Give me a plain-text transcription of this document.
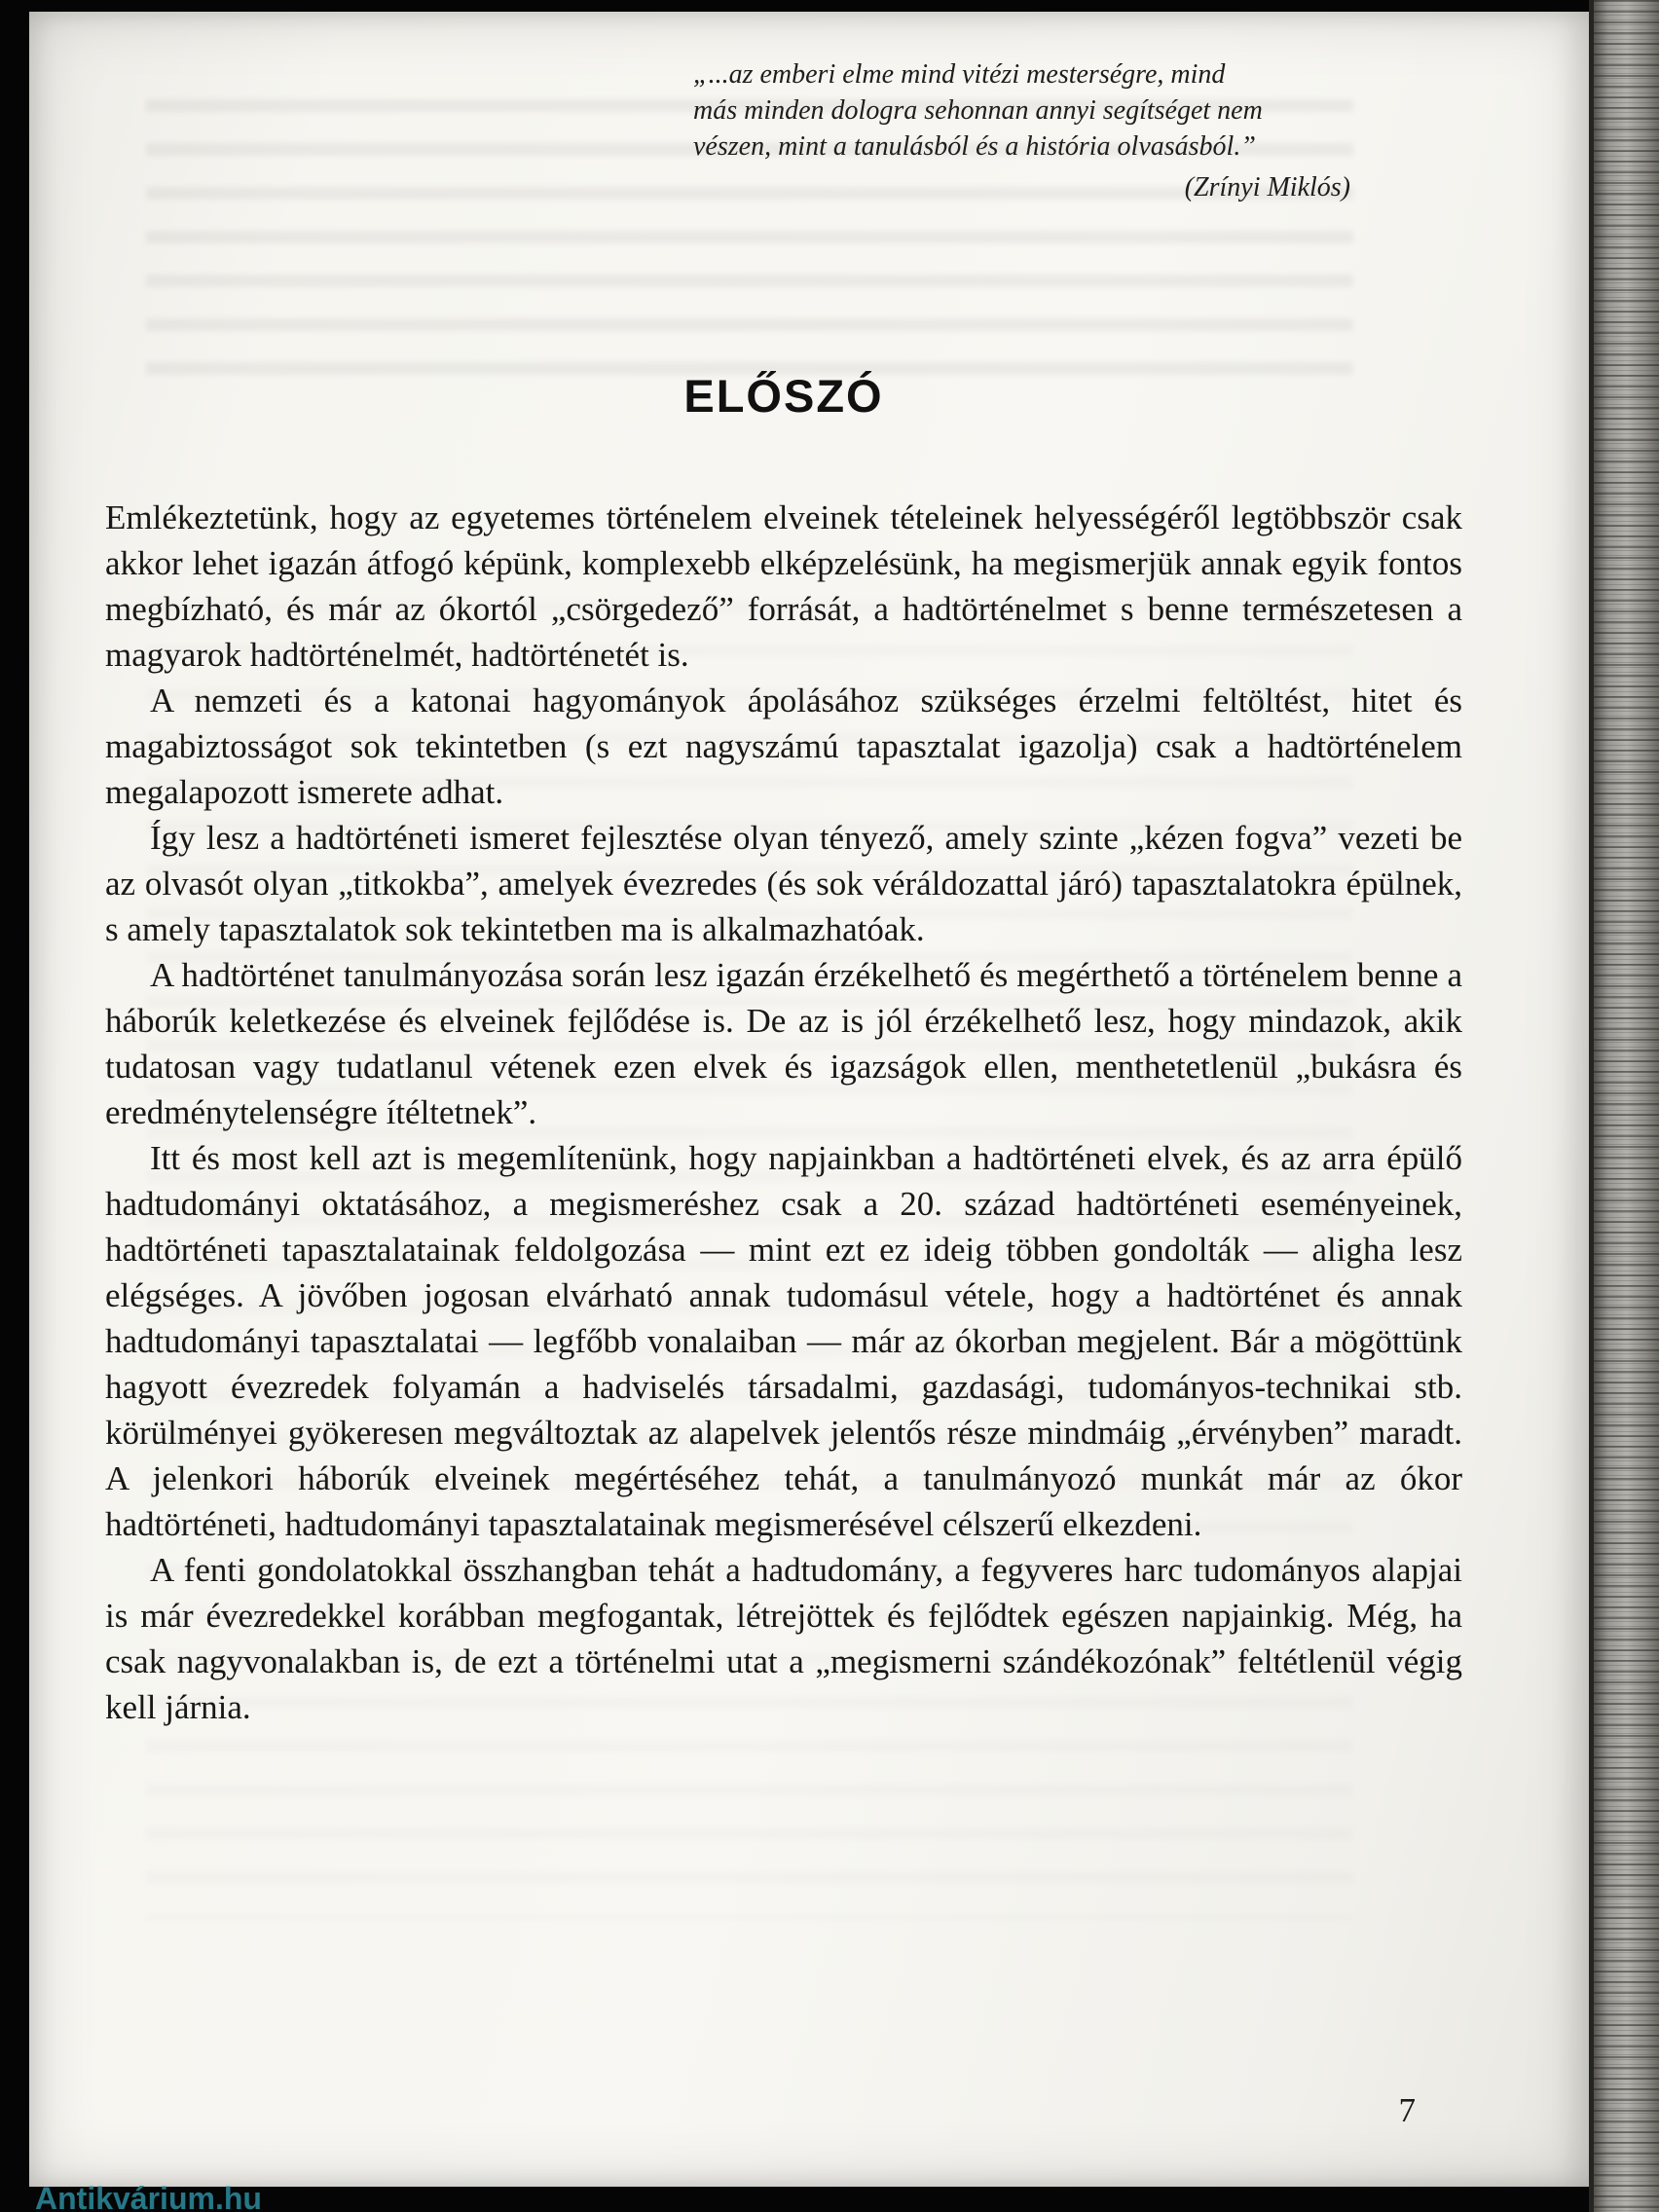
„...az emberi elme mind vitézi mesterségre, mind
más minden dologra sehonnan annyi segítséget nem
vészen, mint a tanulásból és a história olvasásból.”
(Zrínyi Miklós)
ELŐSZÓ

Emlékeztetünk, hogy az egyetemes történelem elveinek tételeinek helyességéről legtöbbször csak akkor lehet igazán átfogó képünk, komplexebb elképzelésünk, ha megismerjük annak egyik fontos megbízható, és már az ókortól „csörgedező” forrását, a hadtörténelmet s benne természetesen a magyarok hadtörténelmét, hadtörténetét is.

A nemzeti és a katonai hagyományok ápolásához szükséges érzelmi feltöltést, hitet és magabiztosságot sok tekintetben (s ezt nagyszámú tapasztalat igazolja) csak a hadtörténelem megalapozott ismerete adhat.

Így lesz a hadtörténeti ismeret fejlesztése olyan tényező, amely szinte „kézen fogva” vezeti be az olvasót olyan „titkokba”, amelyek évezredes (és sok véráldozattal járó) tapasztalatokra épülnek, s amely tapasztalatok sok tekintetben ma is alkalmazhatóak.

A hadtörténet tanulmányozása során lesz igazán érzékelhető és megérthető a történelem benne a háborúk keletkezése és elveinek fejlődése is. De az is jól érzékelhető lesz, hogy mindazok, akik tudatosan vagy tudatlanul vétenek ezen elvek és igazságok ellen, menthetetlenül „bukásra és eredménytelenségre ítéltetnek”.

Itt és most kell azt is megemlítenünk, hogy napjainkban a hadtörténeti elvek, és az arra épülő hadtudományi oktatásához, a megismeréshez csak a 20. század hadtörténeti eseményeinek, hadtörténeti tapasztalatainak feldolgozása — mint ezt ez ideig többen gondolták — aligha lesz elégséges. A jövőben jogosan elvárható annak tudomásul vétele, hogy a hadtörténet és annak hadtudományi tapasztalatai — legfőbb vonalaiban — már az ókorban megjelent. Bár a mögöttünk hagyott évezredek folyamán a hadviselés társadalmi, gazdasági, tudományos-technikai stb. körülményei gyökeresen megváltoztak az alapelvek jelentős része mindmáig „érvényben” maradt. A jelenkori háborúk elveinek megértéséhez tehát, a tanulmányozó munkát már az ókor hadtörténeti, hadtudományi tapasztalatainak megismerésével célszerű elkezdeni.

A fenti gondolatokkal összhangban tehát a hadtudomány, a fegyveres harc tudományos alapjai is már évezredekkel korábban megfogantak, létrejöttek és fejlődtek egészen napjainkig. Még, ha csak nagyvonalakban is, de ezt a történelmi utat a „megismerni szándékozónak” feltétlenül végig kell járnia.

7
Antikvárium.hu
